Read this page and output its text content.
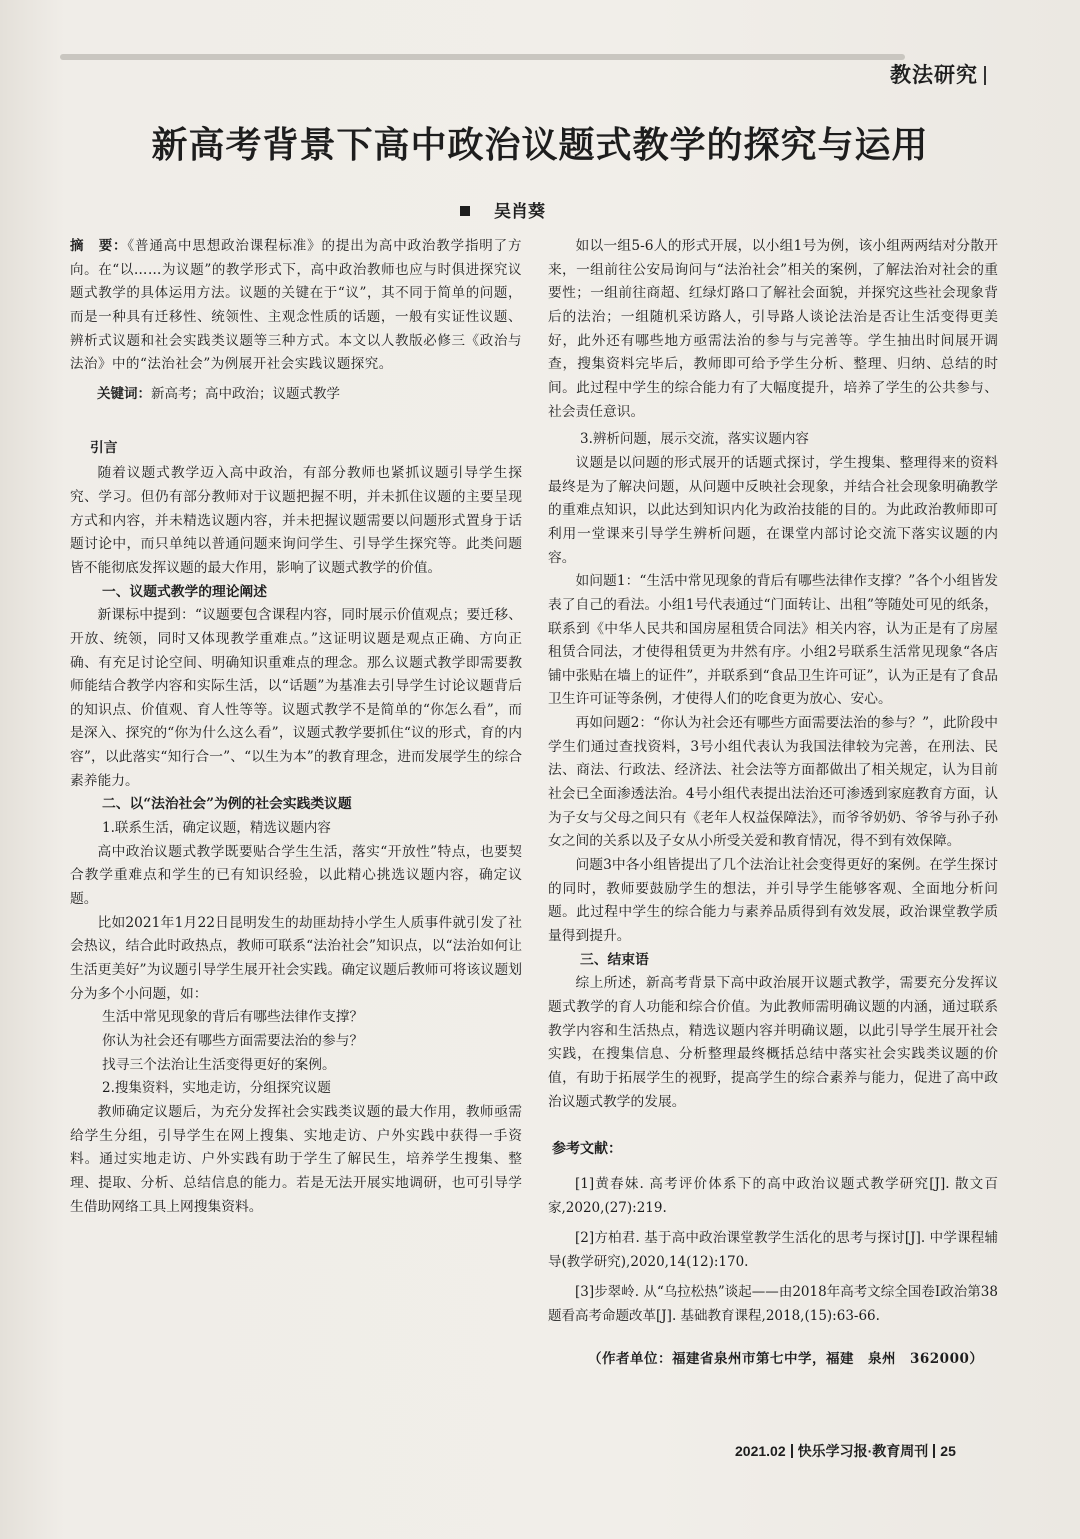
教法研究
新高考背景下高中政治议题式教学的探究与运用
吴肖葵

摘　要：《普通高中思想政治课程标准》的提出为高中政治教学指明了方向。在“以……为议题”的教学形式下，高中政治教师也应与时俱进探究议题式教学的具体运用方法。议题的关键在于“议”，其不同于简单的问题，而是一种具有迁移性、统领性、主观念性质的话题，一般有实证性议题、辨析式议题和社会实践类议题等三种方式。本文以人教版必修三《政治与法治》中的“法治社会”为例展开社会实践议题探究。

关键词：新高考；高中政治；议题式教学

引言

随着议题式教学迈入高中政治，有部分教师也紧抓议题引导学生探究、学习。但仍有部分教师对于议题把握不明，并未抓住议题的主要呈现方式和内容，并未精选议题内容，并未把握议题需要以问题形式置身于话题讨论中，而只单纯以普通问题来询问学生、引导学生探究等。此类问题皆不能彻底发挥议题的最大作用，影响了议题式教学的价值。

一、议题式教学的理论阐述

新课标中提到：“议题要包含课程内容，同时展示价值观点；要迁移、开放、统领，同时又体现教学重难点。”这证明议题是观点正确、方向正确、有充足讨论空间、明确知识重难点的理念。那么议题式教学即需要教师能结合教学内容和实际生活，以“话题”为基准去引导学生讨论议题背后的知识点、价值观、育人性等等。议题式教学不是简单的“你怎么看”，而是深入、探究的“你为什么这么看”，议题式教学要抓住“议的形式，育的内容”，以此落实“知行合一”、“以生为本”的教育理念，进而发展学生的综合素养能力。

二、以“法治社会”为例的社会实践类议题
1.联系生活，确定议题，精选议题内容

高中政治议题式教学既要贴合学生生活，落实“开放性”特点，也要契合教学重难点和学生的已有知识经验，以此精心挑选议题内容，确定议题。

比如2021年1月22日昆明发生的劫匪劫持小学生人质事件就引发了社会热议，结合此时政热点，教师可联系“法治社会”知识点，以“法治如何让生活更美好”为议题引导学生展开社会实践。确定议题后教师可将该议题划分为多个小问题，如：

生活中常见现象的背后有哪些法律作支撑？

你认为社会还有哪些方面需要法治的参与？

找寻三个法治让生活变得更好的案例。

2.搜集资料，实地走访，分组探究议题

教师确定议题后，为充分发挥社会实践类议题的最大作用，教师亟需给学生分组，引导学生在网上搜集、实地走访、户外实践中获得一手资料。通过实地走访、户外实践有助于学生了解民生，培养学生搜集、整理、提取、分析、总结信息的能力。若是无法开展实地调研，也可引导学生借助网络工具上网搜集资料。

3.辨析问题，展示交流，落实议题内容

议题是以问题的形式展开的话题式探讨，学生搜集、整理得来的资料最终是为了解决问题，从问题中反映社会现象，并结合社会现象明确教学的重难点知识，以此达到知识内化为政治技能的目的。为此政治教师即可利用一堂课来引导学生辨析问题，在课堂内部讨论交流下落实议题的内容。

如问题1：“生活中常见现象的背后有哪些法律作支撑？”各个小组皆发表了自己的看法。小组1号代表通过“门面转让、出租”等随处可见的纸条，联系到《中华人民共和国房屋租赁合同法》相关内容，认为正是有了房屋租赁合同法，才使得租赁更为井然有序。小组2号联系生活常见现象“各店铺中张贴在墙上的证件”，并联系到“食品卫生许可证”，认为正是有了食品卫生许可证等条例，才使得人们的吃食更为放心、安心。

再如问题2：“你认为社会还有哪些方面需要法治的参与？”，此阶段中学生们通过查找资料，3号小组代表认为我国法律较为完善，在刑法、民法、商法、行政法、经济法、社会法等方面都做出了相关规定，认为目前社会已全面渗透法治。4号小组代表提出法治还可渗透到家庭教育方面，认为子女与父母之间只有《老年人权益保障法》，而爷爷奶奶、爷爷与孙子孙女之间的关系以及子女从小所受关爱和教育情况，得不到有效保障。

问题3中各小组皆提出了几个法治让社会变得更好的案例。在学生探讨的同时，教师要鼓励学生的想法，并引导学生能够客观、全面地分析问题。此过程中学生的综合能力与素养品质得到有效发展，政治课堂教学质量得到提升。

三、结束语

综上所述，新高考背景下高中政治展开议题式教学，需要充分发挥议题式教学的育人功能和综合价值。为此教师需明确议题的内涵，通过联系教学内容和生活热点，精选议题内容并明确议题，以此引导学生展开社会实践，在搜集信息、分析整理最终概括总结中落实社会实践类议题的价值，有助于拓展学生的视野，提高学生的综合素养与能力，促进了高中政治议题式教学的发展。

参考文献：

[1]黄春妹. 高考评价体系下的高中政治议题式教学研究[J]. 散文百家,2020,(27):219.

[2]方柏君. 基于高中政治课堂教学生活化的思考与探讨[J]. 中学课程辅导(教学研究),2020,14(12):170.

[3]步翠岭. 从“乌拉松热”谈起——由2018年高考文综全国卷Ⅰ政治第38题看高考命题改革[J]. 基础教育课程,2018,(15):63-66.

（作者单位：福建省泉州市第七中学，福建　泉州　362000）
2021.02 快乐学习报·教育周刊 25

如以一组5-6人的形式开展，以小组1号为例，该小组两两结对分散开来，一组前往公安局询问与“法治社会”相关的案例，了解法治对社会的重要性；一组前往商超、红绿灯路口了解社会面貌，并探究这些社会现象背后的法治；一组随机采访路人，引导路人谈论法治是否让生活变得更美好，此外还有哪些地方亟需法治的参与与完善等。学生抽出时间展开调查，搜集资料完毕后，教师即可给予学生分析、整理、归纳、总结的时间。此过程中学生的综合能力有了大幅度提升，培养了学生的公共参与、社会责任意识。
